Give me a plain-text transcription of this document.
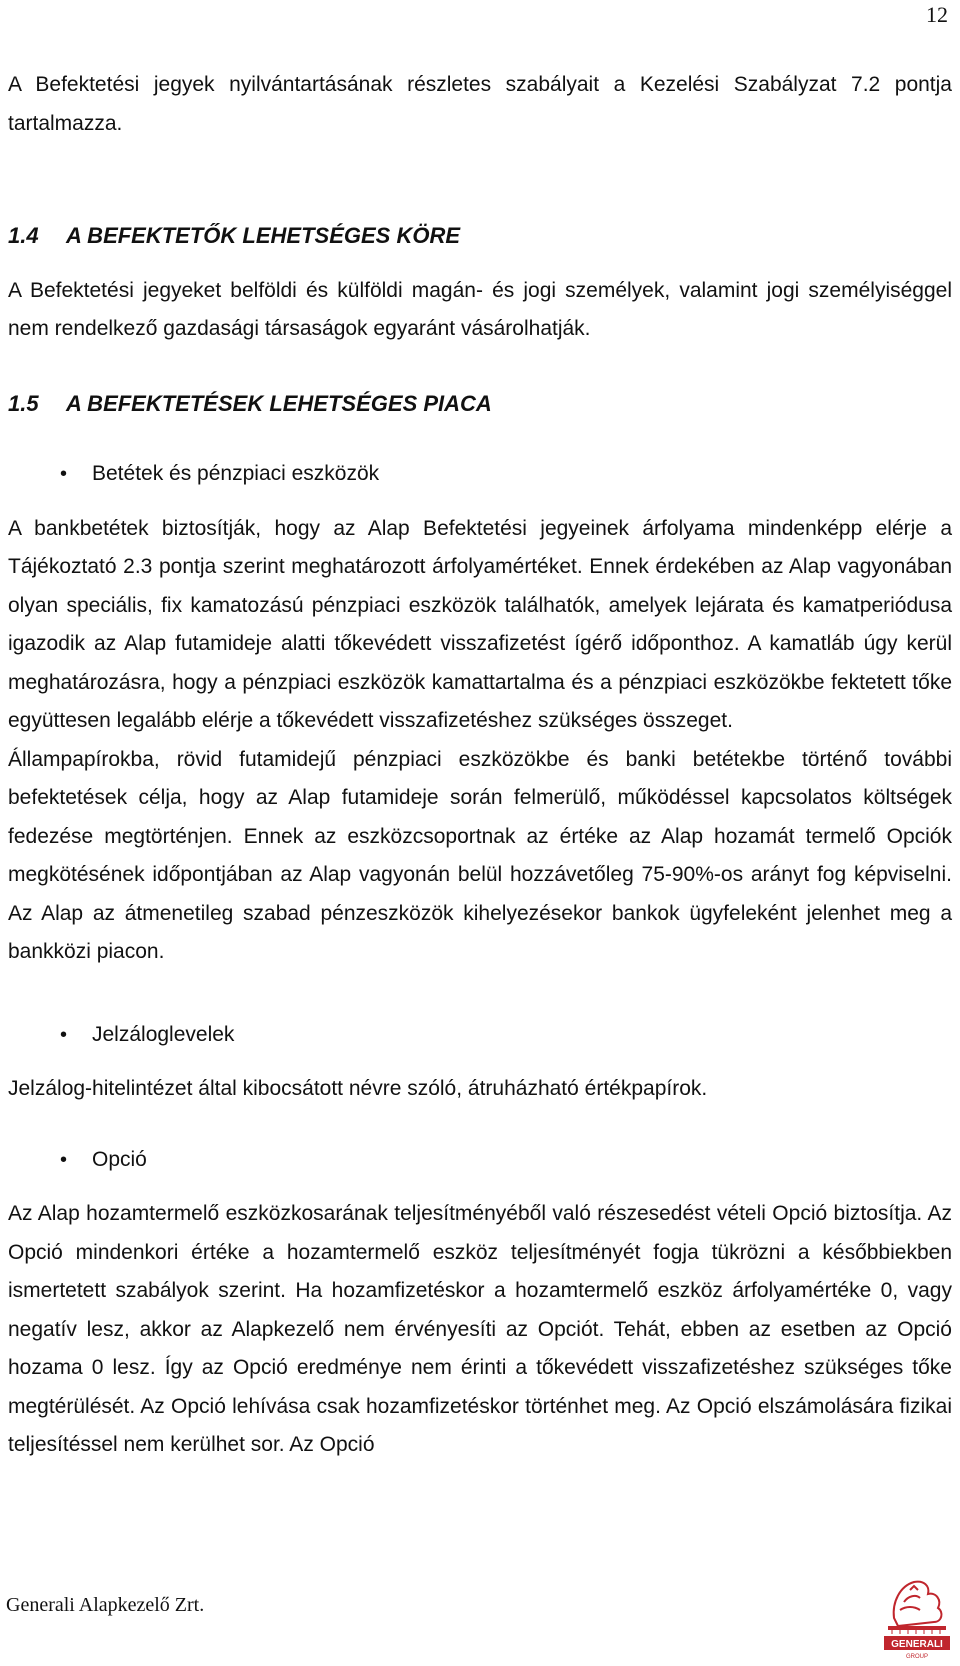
12

A Befektetési jegyek nyilvántartásának részletes szabályait a Kezelési Szabályzat 7.2 pontja tartalmazza.

1.4 A BEFEKTETŐK LEHETSÉGES KÖRE

A Befektetési jegyeket belföldi és külföldi magán- és jogi személyek, valamint jogi személyiséggel nem rendelkező gazdasági társaságok egyaránt vásárolhatják.

1.5 A BEFEKTETÉSEK LEHETSÉGES PIACA

• Betétek és pénzpiaci eszközök

A bankbetétek biztosítják, hogy az Alap Befektetési jegyeinek árfolyama mindenképp elérje a Tájékoztató 2.3 pontja szerint meghatározott árfolyamértéket. Ennek érdekében az Alap vagyonában olyan speciális, fix kamatozású pénzpiaci eszközök találhatók, amelyek lejárata és kamatperiódusa igazodik az Alap futamideje alatti tőkevédett visszafizetést ígérő időponthoz. A kamatláb úgy kerül meghatározásra, hogy a pénzpiaci eszközök kamattartalma és a pénzpiaci eszközökbe fektetett tőke együttesen legalább elérje a tőkevédett visszafizetéshez szükséges összeget.

Állampapírokba, rövid futamidejű pénzpiaci eszközökbe és banki betétekbe történő további befektetések célja, hogy az Alap futamideje során felmerülő, működéssel kapcsolatos költségek fedezése megtörténjen. Ennek az eszközcsoportnak az értéke az Alap hozamát termelő Opciók megkötésének időpontjában az Alap vagyonán belül hozzávetőleg 75-90%-os arányt fog képviselni. Az Alap az átmenetileg szabad pénzeszközök kihelyezésekor bankok ügyfeleként jelenhet meg a bankközi piacon.

• Jelzáloglevelek

Jelzálog-hitelintézet által kibocsátott névre szóló, átruházható értékpapírok.

• Opció

Az Alap hozamtermelő eszközkosarának teljesítményéből való részesedést vételi Opció biztosítja. Az Opció mindenkori értéke a hozamtermelő eszköz teljesítményét fogja tükrözni a későbbiekben ismertetett szabályok szerint. Ha hozamfizetéskor a hozamtermelő eszköz árfolyamértéke 0, vagy negatív lesz, akkor az Alapkezelő nem érvényesíti az Opciót. Tehát, ebben az esetben az Opció hozama 0 lesz. Így az Opció eredménye nem érinti a tőkevédett visszafizetéshez szükséges tőke megtérülését. Az Opció lehívása csak hozamfizetéskor történhet meg. Az Opció elszámolására fizikai teljesítéssel nem kerülhet sor. Az Opció

Generali Alapkezelő Zrt.
GENERALI
GROUP
